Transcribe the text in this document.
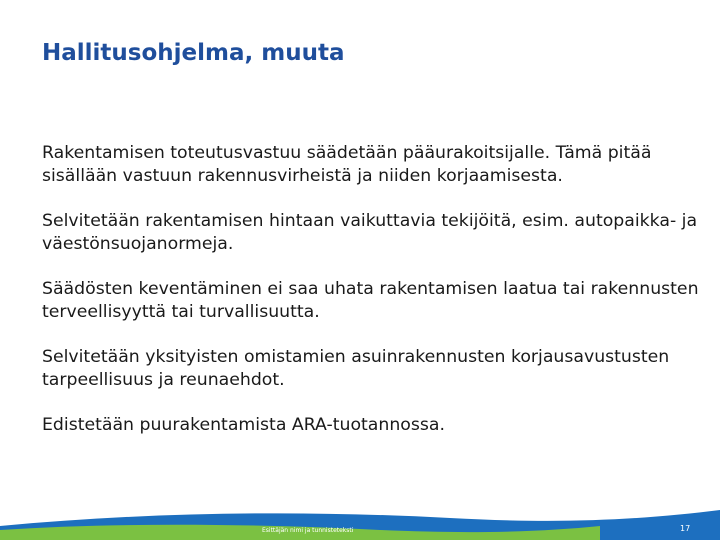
Hallitusohjelma, muuta

Rakentamisen toteutusvastuu säädetään pääurakoitsijalle. Tämä pitää sisällään vastuun rakennusvirheistä ja niiden korjaamisesta.

Selvitetään rakentamisen hintaan vaikuttavia tekijöitä, esim. autopaikka- ja väestönsuojanormeja.

Säädösten keventäminen ei saa uhata rakentamisen laatua tai rakennusten terveellisyyttä tai turvallisuutta.

Selvitetään yksityisten omistamien asuinrakennusten korjausavustusten tarpeellisuus ja reunaehdot.

Edistetään puurakentamista ARA-tuotannossa.

Esittäjän nimi ja tunnisteteksti	17
